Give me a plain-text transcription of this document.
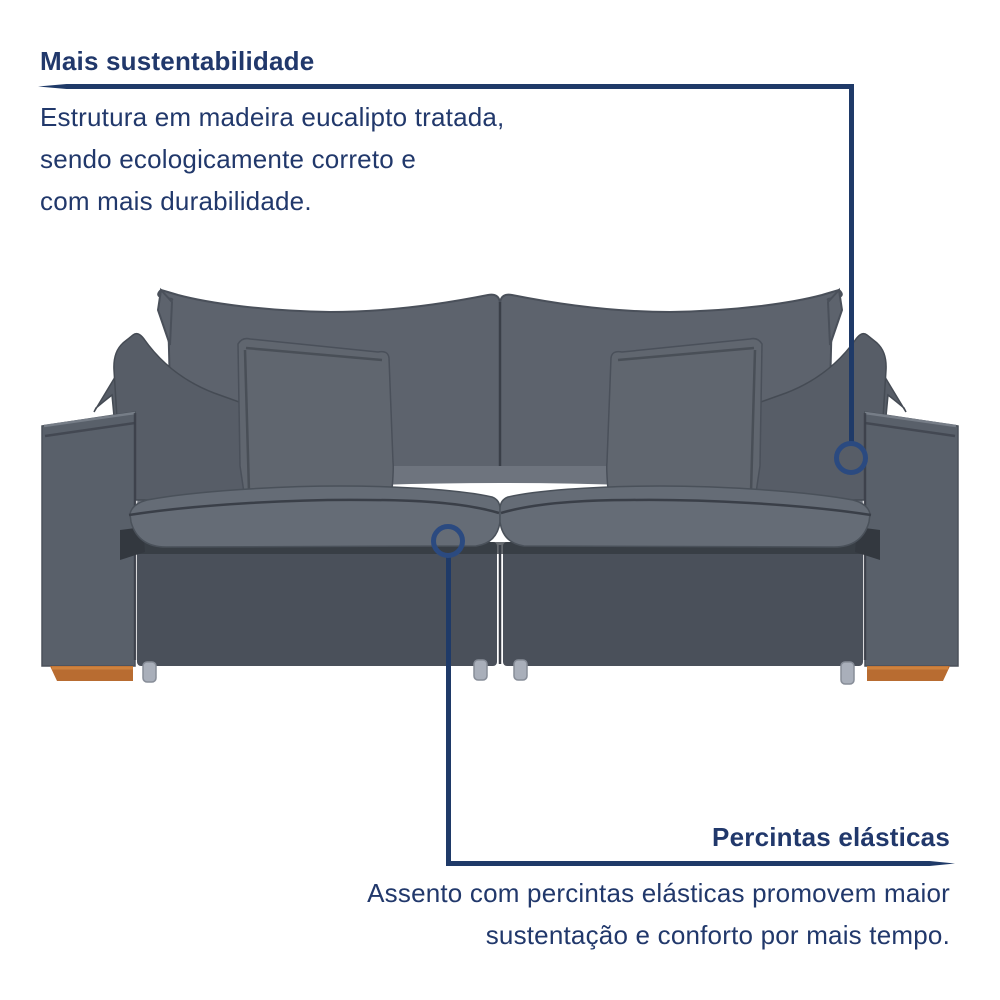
Mais sustentabilidade
Estrutura em madeira eucalipto tratada,
sendo ecologicamente correto e
com mais durabilidade.
Percintas elásticas
Assento com percintas elásticas promovem maior
sustentação e conforto por mais tempo.
